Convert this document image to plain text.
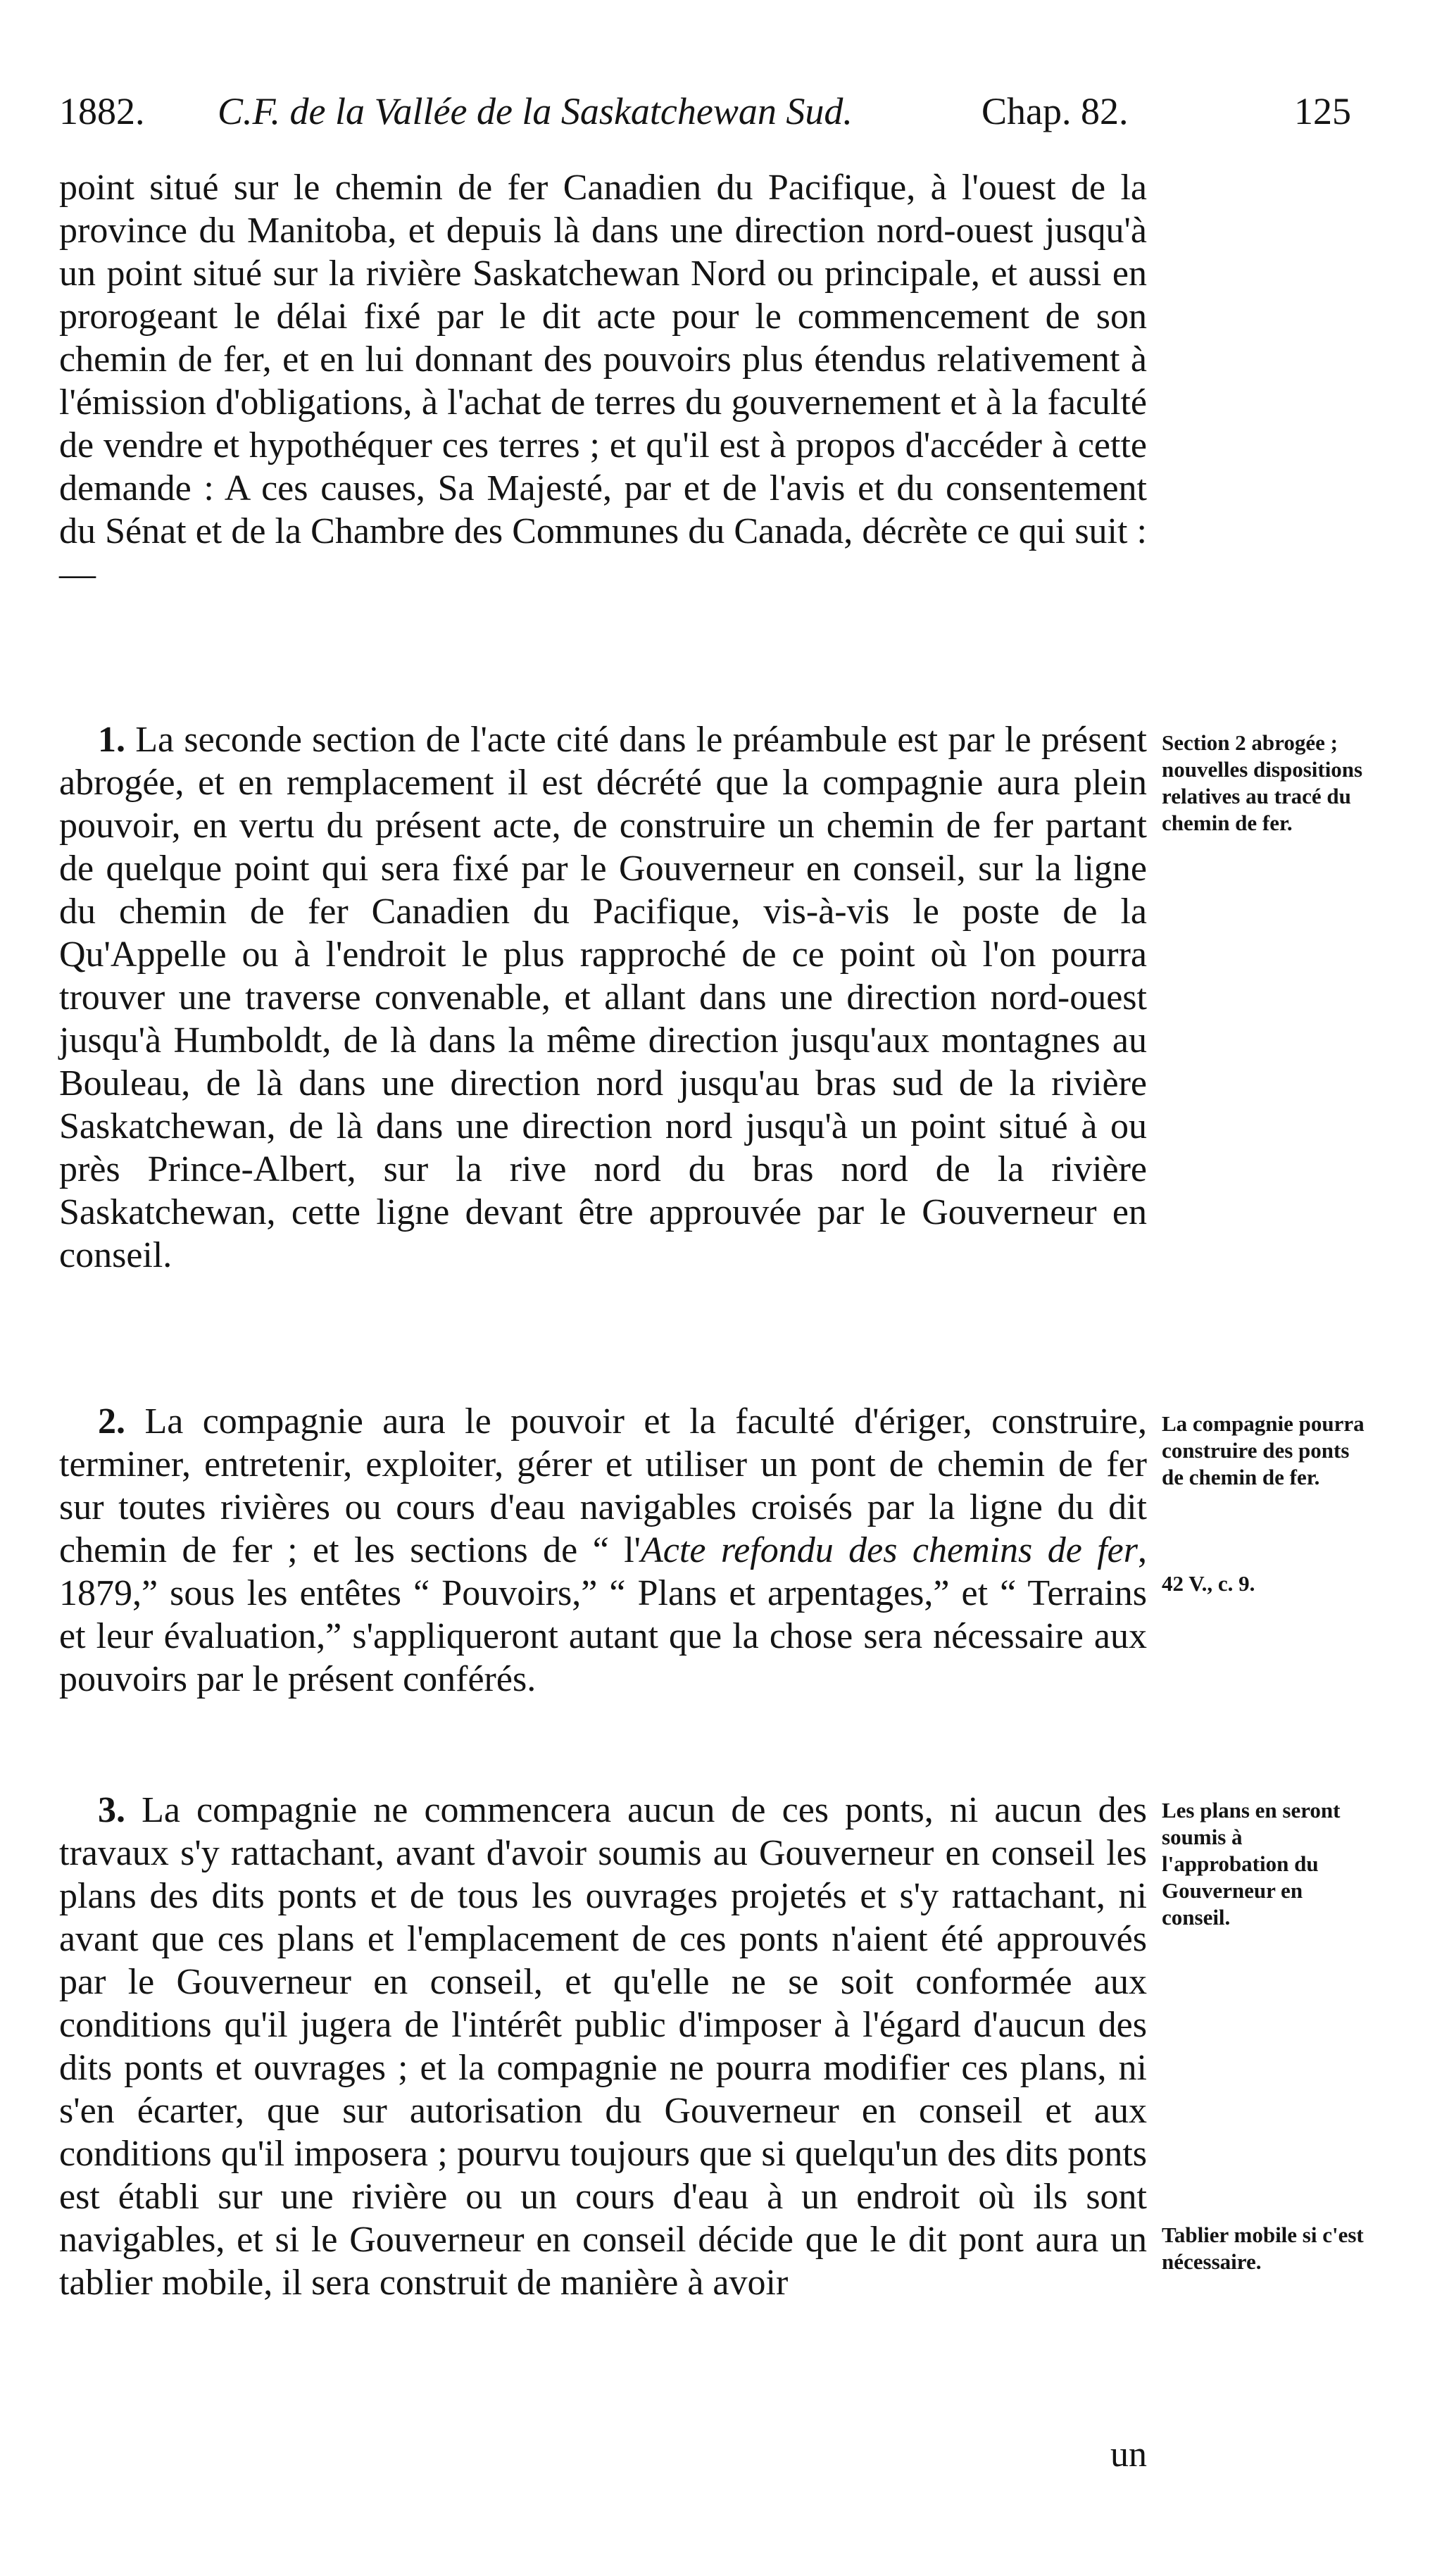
1882. C.F. de la Vallée de la Saskatchewan Sud.	Chap. 82.	125

point situé sur le chemin de fer Canadien du Pacifique, à l'ouest de la province du Manitoba, et depuis là dans une direction nord-ouest jusqu'à un point situé sur la rivière Saskatchewan Nord ou principale, et aussi en prorogeant le délai fixé par le dit acte pour le commencement de son chemin de fer, et en lui donnant des pouvoirs plus étendus relativement à l'émission d'obligations, à l'achat de terres du gouvernement et à la faculté de vendre et hypothéquer ces terres ; et qu'il est à propos d'accéder à cette demande : A ces causes, Sa Majesté, par et de l'avis et du consentement du Sénat et de la Chambre des Communes du Canada, décrète ce qui suit :—

1. La seconde section de l'acte cité dans le préambule est par le présent abrogée, et en remplacement il est décrété que la compagnie aura plein pouvoir, en vertu du présent acte, de construire un chemin de fer partant de quelque point qui sera fixé par le Gouverneur en conseil, sur la ligne du chemin de fer Canadien du Pacifique, vis-à-vis le poste de la Qu'Appelle ou à l'endroit le plus rapproché de ce point où l'on pourra trouver une traverse convenable, et allant dans une direction nord-ouest jusqu'à Humboldt, de là dans la même direction jusqu'aux montagnes au Bouleau, de là dans une direction nord jusqu'au bras sud de la rivière Saskatchewan, de là dans une direction nord jusqu'à un point situé à ou près Prince-Albert, sur la rive nord du bras nord de la rivière Saskatchewan, cette ligne devant être approuvée par le Gouverneur en conseil.

2. La compagnie aura le pouvoir et la faculté d'ériger, construire, terminer, entretenir, exploiter, gérer et utiliser un pont de chemin de fer sur toutes rivières ou cours d'eau navigables croisés par la ligne du dit chemin de fer ; et les sections de “ l'Acte refondu des chemins de fer, 1879,” sous les entêtes “ Pouvoirs,” “ Plans et arpentages,” et “ Terrains et leur évaluation,” s'appliqueront autant que la chose sera nécessaire aux pouvoirs par le présent conférés.

3. La compagnie ne commencera aucun de ces ponts, ni aucun des travaux s'y rattachant, avant d'avoir soumis au Gouverneur en conseil les plans des dits ponts et de tous les ouvrages projetés et s'y rattachant, ni avant que ces plans et l'emplacement de ces ponts n'aient été approuvés par le Gouverneur en conseil, et qu'elle ne se soit conformée aux conditions qu'il jugera de l'intérêt public d'imposer à l'égard d'aucun des dits ponts et ouvrages ; et la compagnie ne pourra modifier ces plans, ni s'en écarter, que sur autorisation du Gouverneur en conseil et aux conditions qu'il imposera ; pourvu toujours que si quelqu'un des dits ponts est établi sur une rivière ou un cours d'eau à un endroit où ils sont navigables, et si le Gouverneur en conseil décide que le dit pont aura un tablier mobile, il sera construit de manière à avoir

un

Section 2 abrogée ; nouvelles dispositions relatives au tracé du chemin de fer.

La compagnie pourra construire des ponts de chemin de fer.

42 V., c. 9.

Les plans en seront soumis à l'approbation du Gouverneur en conseil.

Tablier mobile si c'est nécessaire.
